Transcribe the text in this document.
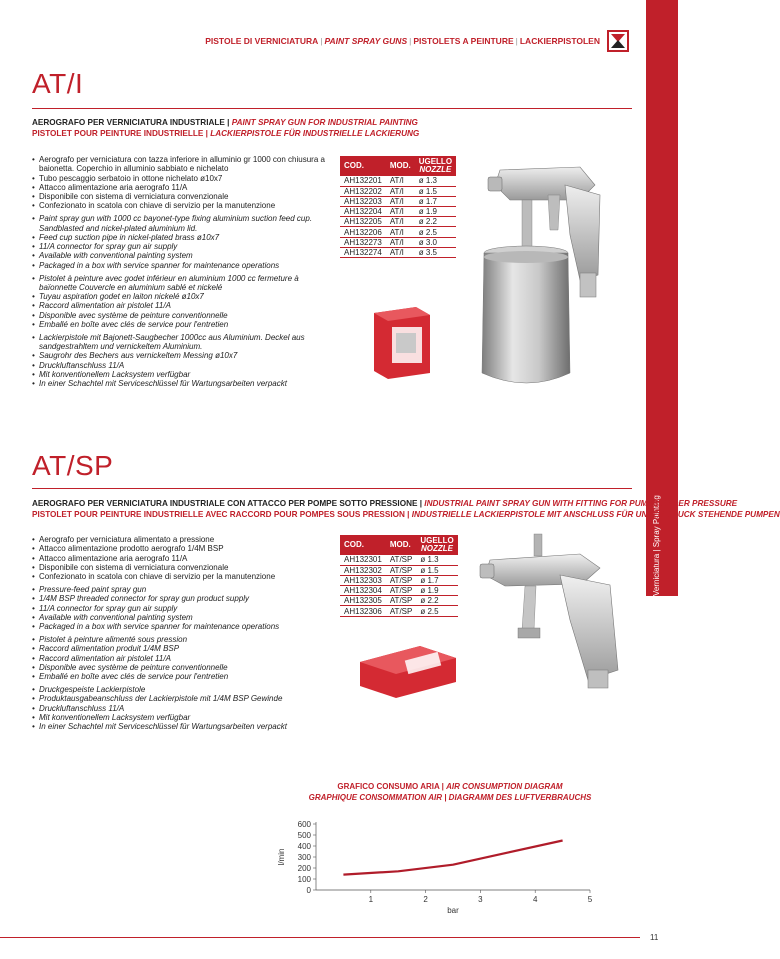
PISTOLE DI VERNICIATURA | PAINT SPRAY GUNS | PISTOLETS A PEINTURE | LACKIERPISTOLEN
Verniciatura | Spray Painting
AT/I
AEROGRAFO PER VERNICIATURA INDUSTRIALE | PAINT SPRAY GUN FOR INDUSTRIAL PAINTING
PISTOLET POUR PEINTURE INDUSTRIELLE | LACKIERPISTOLE FÜR INDUSTRIELLE LACKIERUNG
• Aerografo per verniciatura con tazza inferiore in alluminio gr 1000 con chiusura a baionetta. Coperchio in alluminio sabbiato e nichelato
• Tubo pescaggio serbatoio in ottone nichelato ø10x7
• Attacco alimentazione aria aerografo 11/A
• Disponibile con sistema di verniciatura convenzionale
• Confezionato in scatola con chiave di servizio per la manutenzione
• Paint spray gun with 1000 cc bayonet-type fixing aluminium suction feed cup. Sandblasted and nickel-plated aluminium lid.
• Feed cup suction pipe in nickel-plated brass ø10x7
• 11/A connector for spray gun air supply
• Available with conventional painting system
• Packaged in a box with service spanner for maintenance operations
• Pistolet à peinture avec godet inférieur en aluminium 1000 cc fermeture à baïonnette Couvercle en aluminium sablé et nickelé
• Tuyau aspiration godet en laiton nickelé ø10x7
• Raccord alimentation air pistolet 11/A
• Disponible avec système de peinture conventionnelle
• Emballé en boîte avec clés de service pour l'entretien
• Lackierpistole mit Bajonett-Saugbecher 1000cc aus Aluminium. Deckel aus sandgestrahltem und vernickeltem Aluminium.
• Saugrohr des Bechers aus vernickeltem Messing ø10x7
• Druckluftanschluss 11/A
• Mit konventionellem Lacksystem verfügbar
• In einer Schachtel mit Serviceschlüssel für Wartungsarbeiten verpackt
COD.	MOD.	UGELLO
NOZZLE

AH132201	AT/I	ø 1.3
AH132202	AT/I	ø 1.5
AH132203	AT/I	ø 1.7
AH132204	AT/I	ø 1.9
AH132205	AT/I	ø 2.2
AH132206	AT/I	ø 2.5
AH132273	AT/I	ø 3.0
AH132274	AT/I	ø 3.5
AT/SP
AEROGRAFO PER VERNICIATURA INDUSTRIALE CON ATTACCO PER POMPE SOTTO PRESSIONE | INDUSTRIAL PAINT SPRAY GUN WITH FITTING FOR PUMPS UNDER PRESSURE
PISTOLET POUR PEINTURE INDUSTRIELLE AVEC RACCORD POUR POMPES SOUS PRESSION | INDUSTRIELLE LACKIERPISTOLE MIT ANSCHLUSS FÜR UNTER DRUCK STEHENDE PUMPEN
• Aerografo per verniciatura alimentato a pressione
• Attacco alimentazione prodotto aerografo 1/4M BSP
• Attacco alimentazione aria aerografo 11/A
• Disponibile con sistema di verniciatura convenzionale
• Confezionato in scatola con chiave di servizio per la manutenzione
• Pressure-feed paint spray gun
• 1/4M BSP threaded connector for spray gun product supply
• 11/A connector for spray gun air supply
• Available with conventional painting system
• Packaged in a box with service spanner for maintenance operations
• Pistolet à peinture alimenté sous pression
• Raccord alimentation produit 1/4M BSP
• Raccord alimentation air pistolet 11/A
• Disponible avec système de peinture conventionnelle
• Emballé en boîte avec clés de service pour l'entretien
• Druckgespeiste Lackierpistole
• Produktausgabeanschluss der Lackierpistole mit 1/4M BSP Gewinde
• Druckluftanschluss 11/A
• Mit konventionellem Lacksystem verfügbar
• In einer Schachtel mit Serviceschlüssel für Wartungsarbeiten verpackt
COD.	MOD.	UGELLO
NOZZLE

AH132301	AT/SP	ø 1.3
AH132302	AT/SP	ø 1.5
AH132303	AT/SP	ø 1.7
AH132304	AT/SP	ø 1.9
AH132305	AT/SP	ø 2.2
AH132306	AT/SP	ø 2.5
GRAFICO CONSUMO ARIA | AIR CONSUMPTION DIAGRAM
GRAPHIQUE CONSOMMATION AIR | DIAGRAMM DES LUFTVERBRAUCHS
0
100
200
300
400
500
600
1	2	3	4	5
bar
l/min
11
